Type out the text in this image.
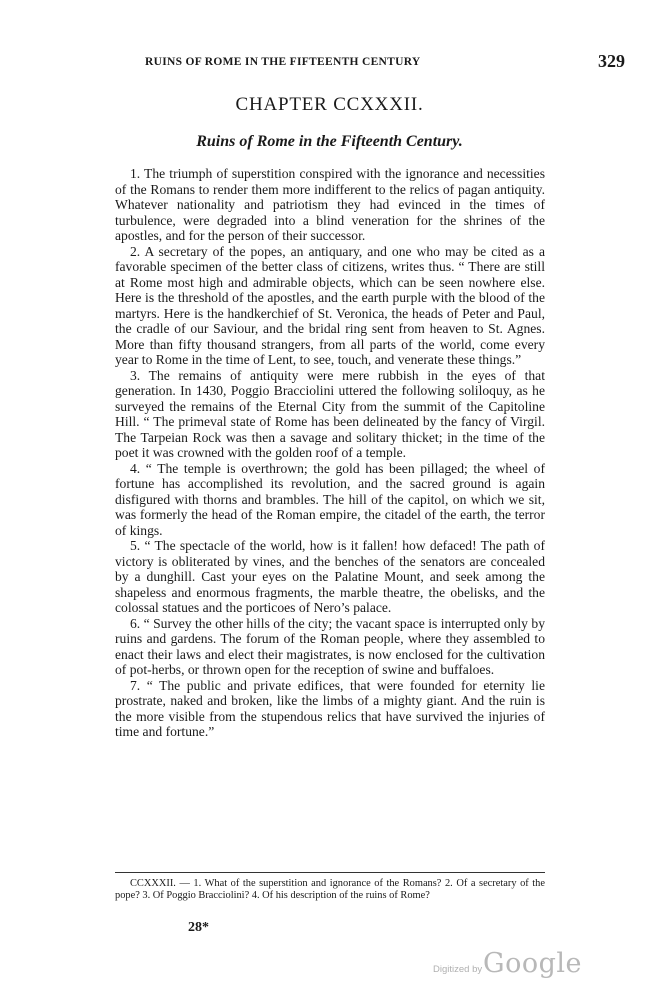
RUINS OF ROME IN THE FIFTEENTH CENTURY	329
CHAPTER CCXXXII.
Ruins of Rome in the Fifteenth Century.

1. The triumph of superstition conspired with the ignorance and necessities of the Romans to render them more indifferent to the relics of pagan antiquity. Whatever nationality and patriotism they had evinced in the times of turbulence, were degraded into a blind veneration for the shrines of the apostles, and for the person of their successor.

2. A secretary of the popes, an antiquary, and one who may be cited as a favorable specimen of the better class of citizens, writes thus. “ There are still at Rome most high and admirable objects, which can be seen nowhere else. Here is the threshold of the apostles, and the earth purple with the blood of the martyrs. Here is the handkerchief of St. Veronica, the heads of Peter and Paul, the cradle of our Saviour, and the bridal ring sent from heaven to St. Agnes. More than fifty thousand strangers, from all parts of the world, come every year to Rome in the time of Lent, to see, touch, and venerate these things.”

3. The remains of antiquity were mere rubbish in the eyes of that generation. In 1430, Poggio Bracciolini uttered the following soliloquy, as he surveyed the remains of the Eternal City from the summit of the Capitoline Hill. “ The primeval state of Rome has been delineated by the fancy of Virgil. The Tarpeian Rock was then a savage and solitary thicket; in the time of the poet it was crowned with the golden roof of a temple.

4. “ The temple is overthrown; the gold has been pillaged; the wheel of fortune has accomplished its revolution, and the sacred ground is again disfigured with thorns and brambles. The hill of the capitol, on which we sit, was formerly the head of the Roman empire, the citadel of the earth, the terror of kings.

5. “ The spectacle of the world, how is it fallen! how defaced! The path of victory is obliterated by vines, and the benches of the senators are concealed by a dunghill. Cast your eyes on the Palatine Mount, and seek among the shapeless and enormous fragments, the marble theatre, the obelisks, and the colossal statues and the porticoes of Nero’s palace.

6. “ Survey the other hills of the city; the vacant space is interrupted only by ruins and gardens. The forum of the Roman people, where they assembled to enact their laws and elect their magistrates, is now enclosed for the cultivation of pot-herbs, or thrown open for the reception of swine and buffaloes.

7. “ The public and private edifices, that were founded for eternity lie prostrate, naked and broken, like the limbs of a mighty giant. And the ruin is the more visible from the stupendous relics that have survived the injuries of time and fortune.”

CCXXXII. — 1. What of the superstition and ignorance of the Romans? 2. Of a secretary of the pope? 3. Of Poggio Bracciolini? 4. Of his description of the ruins of Rome?
28*
Digitized by Google
